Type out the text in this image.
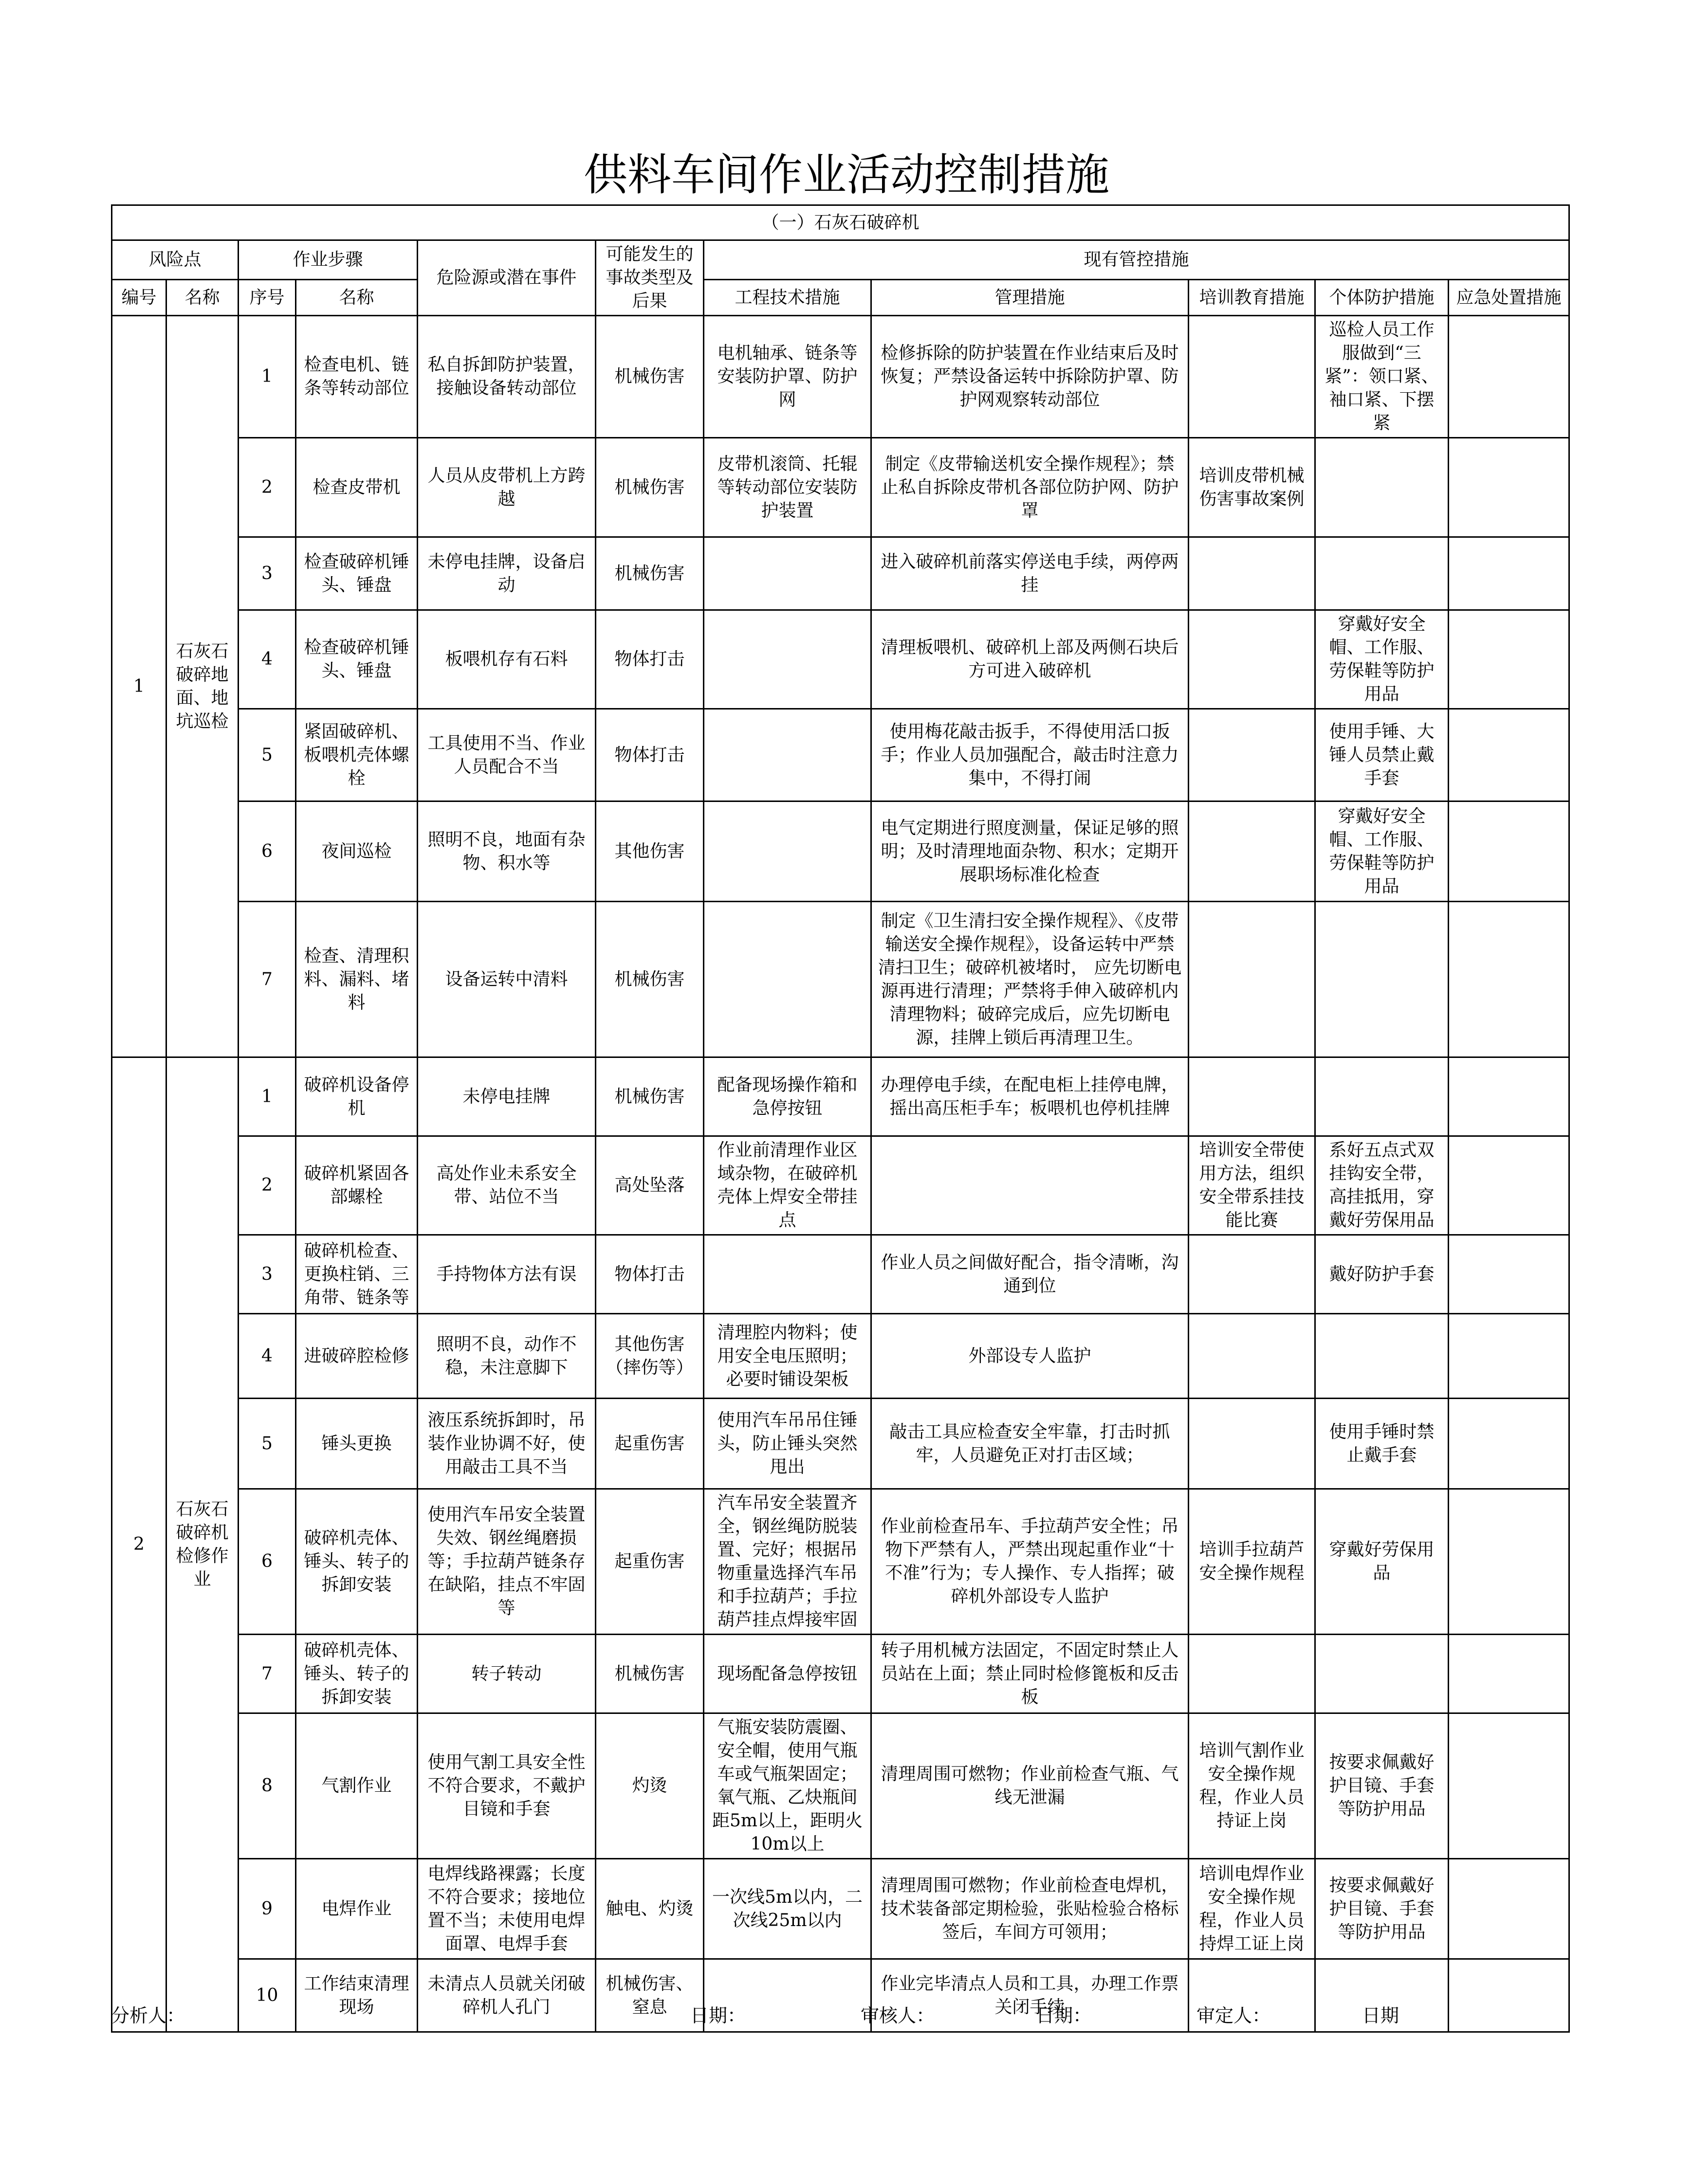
供料车间作业活动控制措施
（一）石灰石破碎机										
风险点		作业步骤		危险源或潜在事件	可能发生的事故类型及后果	现有管控措施				
编号	名称	序号	名称			工程技术措施	管理措施	培训教育措施	个体防护措施	应急处置措施
1	石灰石破碎地面、地坑巡检	1	检查电机、链条等转动部位	私自拆卸防护装置，接触设备转动部位	机械伤害	电机轴承、链条等安装防护罩、防护网	检修拆除的防护装置在作业结束后及时恢复；严禁设备运转中拆除防护罩、防护网观察转动部位		巡检人员工作服做到“三紧”：领口紧、袖口紧、下摆紧	
		2	检查皮带机	人员从皮带机上方跨越	机械伤害	皮带机滚筒、托辊等转动部位安装防护装置	制定《皮带输送机安全操作规程》；禁止私自拆除皮带机各部位防护网、防护罩	培训皮带机械伤害事故案例		
		3	检查破碎机锤头、锤盘	未停电挂牌，设备启动	机械伤害		进入破碎机前落实停送电手续，两停两挂			
		4	检查破碎机锤头、锤盘	板喂机存有石料	物体打击		清理板喂机、破碎机上部及两侧石块后方可进入破碎机		穿戴好安全帽、工作服、劳保鞋等防护用品	
		5	紧固破碎机、板喂机壳体螺栓	工具使用不当、作业人员配合不当	物体打击		使用梅花敲击扳手，不得使用活口扳手；作业人员加强配合，敲击时注意力集中，不得打闹		使用手锤、大锤人员禁止戴手套	
		6	夜间巡检	照明不良，地面有杂物、积水等	其他伤害		电气定期进行照度测量，保证足够的照明；及时清理地面杂物、积水；定期开展职场标准化检查		穿戴好安全帽、工作服、劳保鞋等防护用品	
		7	检查、清理积料、漏料、堵料	设备运转中清料	机械伤害		制定《卫生清扫安全操作规程》、《皮带输送安全操作规程》，设备运转中严禁清扫卫生；破碎机被堵时， 应先切断电源再进行清理；严禁将手伸入破碎机内清理物料；破碎完成后，应先切断电源，挂牌上锁后再清理卫生。			
2	石灰石破碎机检修作业	1	破碎机设备停机	未停电挂牌	机械伤害	配备现场操作箱和急停按钮	办理停电手续，在配电柜上挂停电牌，摇出高压柜手车；板喂机也停机挂牌			
		2	破碎机紧固各部螺栓	高处作业未系安全带、站位不当	高处坠落	作业前清理作业区域杂物，在破碎机壳体上焊安全带挂点		培训安全带使用方法，组织安全带系挂技能比赛	系好五点式双挂钩安全带，高挂抵用，穿戴好劳保用品	
		3	破碎机检查、更换柱销、三角带、链条等	手持物体方法有误	物体打击		作业人员之间做好配合，指令清晰，沟通到位		戴好防护手套	
		4	进破碎腔检修	照明不良，动作不稳，未注意脚下	其他伤害（摔伤等）	清理腔内物料；使用安全电压照明；必要时铺设架板	外部设专人监护			
		5	锤头更换	液压系统拆卸时，吊装作业协调不好，使用敲击工具不当	起重伤害	使用汽车吊吊住锤头，防止锤头突然甩出	敲击工具应检查安全牢靠，打击时抓牢，人员避免正对打击区域；		使用手锤时禁止戴手套	
		6	破碎机壳体、锤头、转子的拆卸安装	使用汽车吊安全装置失效、钢丝绳磨损等；手拉葫芦链条存在缺陷，挂点不牢固等	起重伤害	汽车吊安全装置齐全，钢丝绳防脱装置、完好；根据吊物重量选择汽车吊和手拉葫芦；手拉葫芦挂点焊接牢固	作业前检查吊车、手拉葫芦安全性；吊物下严禁有人，严禁出现起重作业“十不准”行为；专人操作、专人指挥；破碎机外部设专人监护	培训手拉葫芦安全操作规程	穿戴好劳保用品	
		7	破碎机壳体、锤头、转子的拆卸安装	转子转动	机械伤害	现场配备急停按钮	转子用机械方法固定，不固定时禁止人员站在上面；禁止同时检修篦板和反击板			
		8	气割作业	使用气割工具安全性不符合要求，不戴护目镜和手套	灼烫	气瓶安装防震圈、安全帽，使用气瓶车或气瓶架固定；氧气瓶、乙炔瓶间距5m以上，距明火10m以上	清理周围可燃物；作业前检查气瓶、气线无泄漏	培训气割作业安全操作规程，作业人员持证上岗	按要求佩戴好护目镜、手套等防护用品	
		9	电焊作业	电焊线路裸露；长度不符合要求；接地位置不当；未使用电焊面罩、电焊手套	触电、灼烫	一次线5m以内，二次线25m以内	清理周围可燃物；作业前检查电焊机，技术装备部定期检验，张贴检验合格标签后，车间方可领用；	培训电焊作业安全操作规程，作业人员持焊工证上岗	按要求佩戴好护目镜、手套等防护用品	
		10	工作结束清理现场	未清点人员就关闭破碎机人孔门	机械伤害、窒息		作业完毕清点人员和工具，办理工作票关闭手续			
分析人：	日期：	审核人：	日期：	审定人：	日期
